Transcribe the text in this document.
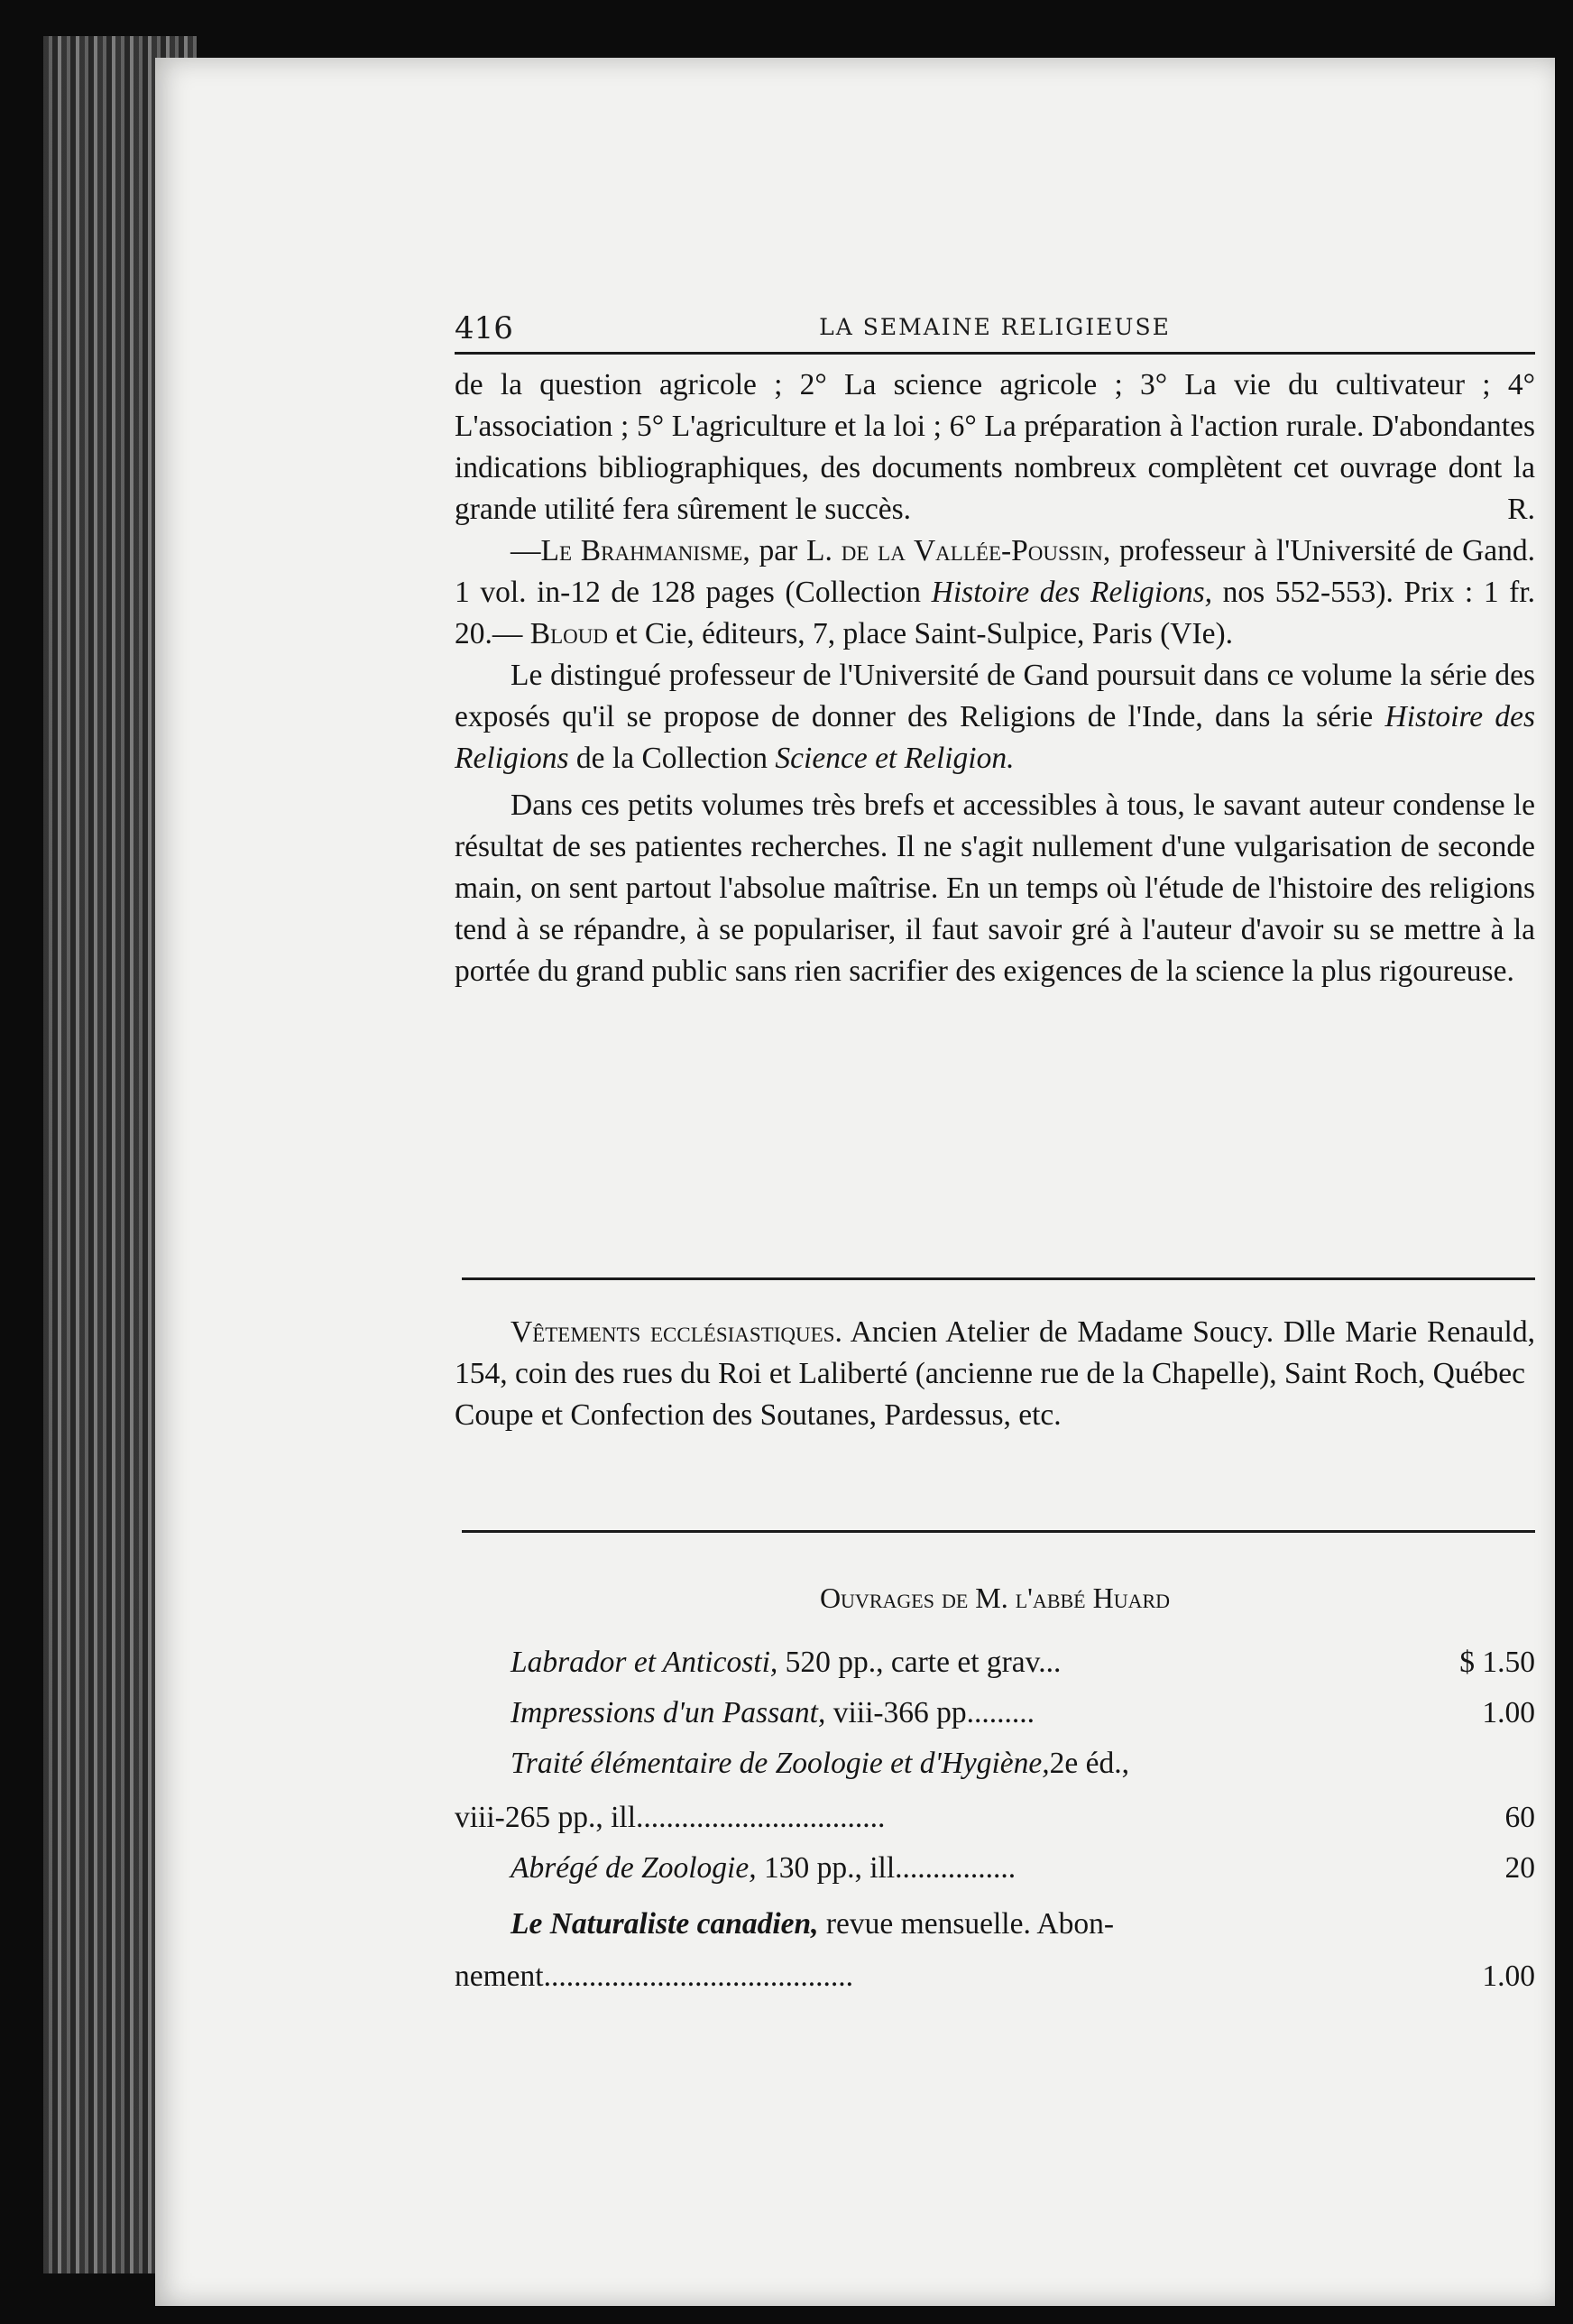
416	LA SEMAINE RELIGIEUSE

de la question agricole ; 2° La science agricole ; 3° La vie du cultivateur ; 4° L'association ; 5° L'agriculture et la loi ; 6° La préparation à l'action rurale. D'abondantes indications bibliographiques, des documents nombreux complètent cet ouvrage dont la grande utilité fera sûrement le succès.	R.

—Le Brahmanisme, par L. de la Vallée-Poussin, professeur à l'Université de Gand. 1 vol. in-12 de 128 pages (Collection Histoire des Religions, nos 552-553). Prix : 1 fr. 20.— Bloud et Cie, éditeurs, 7, place Saint-Sulpice, Paris (VIe).

Le distingué professeur de l'Université de Gand poursuit dans ce volume la série des exposés qu'il se propose de donner des Religions de l'Inde, dans la série Histoire des Religions de la Collection Science et Religion.

Dans ces petits volumes très brefs et accessibles à tous, le savant auteur condense le résultat de ses patientes recherches. Il ne s'agit nullement d'une vulgarisation de seconde main, on sent partout l'absolue maîtrise. En un temps où l'étude de l'histoire des religions tend à se répandre, à se populariser, il faut savoir gré à l'auteur d'avoir su se mettre à la portée du grand public sans rien sacrifier des exigences de la science la plus rigoureuse.

Vêtements ecclésiastiques. Ancien Atelier de Madame Soucy. Dlle Marie Renauld, 154, coin des rues du Roi et Laliberté (ancienne rue de la Chapelle), Saint Roch, Québec

Coupe et Confection des Soutanes, Pardessus, etc.

Ouvrages de M. l'abbé Huard
Labrador et Anticosti, 520 pp., carte et grav...	$ 1.50
Impressions d'un Passant, viii-366 pp.........	1.00
Traité élémentaire de Zoologie et d'Hygiène,2e éd.,
viii-265 pp., ill.................................	60
Abrégé de Zoologie, 130 pp., ill................	20
Le Naturaliste canadien, revue mensuelle. Abon-
nement.........................................	1.00
